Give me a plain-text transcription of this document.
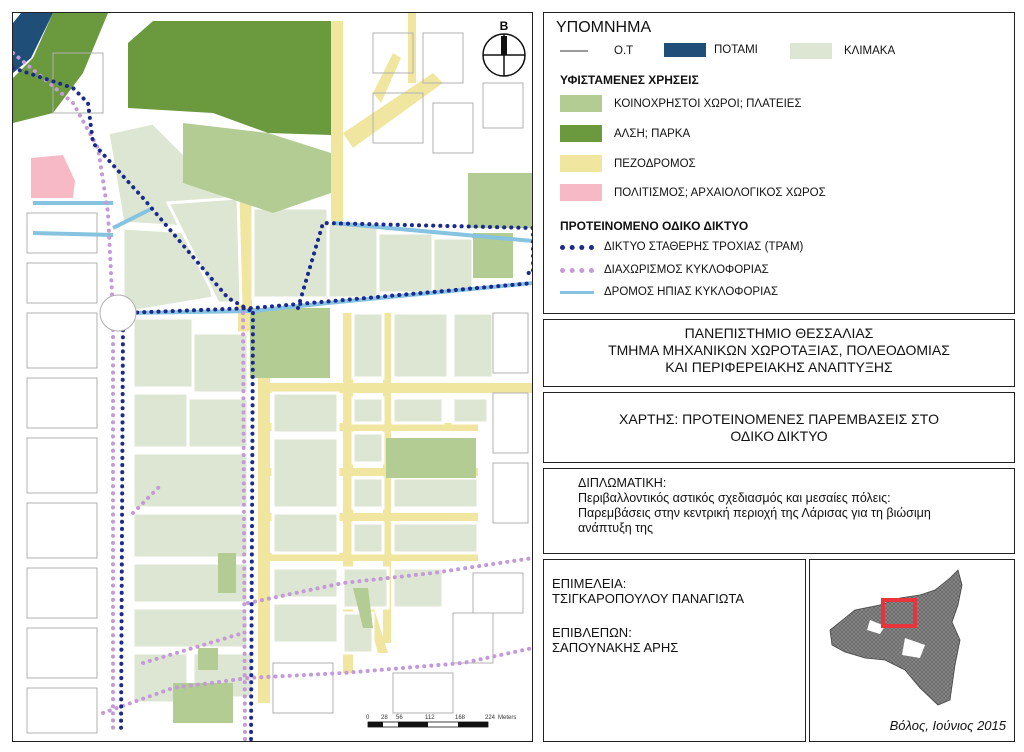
B
0 28 56	112	168	224 Meters
ΥΠΟΜΝΗΜΑ
Ο.Τ	ΠΟΤΑΜΙ	ΚΛΙΜΑΚΑ
ΥΦΙΣΤΑΜΕΝΕΣ ΧΡΗΣΕΙΣ
ΚΟΙΝΟΧΡΗΣΤΟΙ ΧΩΡΟΙ; ΠΛΑΤΕΙΕΣ
ΑΛΣΗ; ΠΑΡΚΑ
ΠΕΖΟΔΡΟΜΟΣ
ΠΟΛΙΤΙΣΜΟΣ; ΑΡΧΑΙΟΛΟΓΙΚΟΣ ΧΩΡΟΣ
ΠΡΟΤΕΙΝΟΜΕΝΟ ΟΔΙΚΟ ΔΙΚΤΥΟ
ΔΙΚΤΥΟ ΣΤΑΘΕΡΗΣ ΤΡΟΧΙΑΣ (ΤΡΑΜ)
ΔΙΑΧΩΡΙΣΜΟΣ ΚΥΚΛΟΦΟΡΙΑΣ
ΔΡΟΜΟΣ ΗΠΙΑΣ ΚΥΚΛΟΦΟΡΙΑΣ
ΠΑΝΕΠΙΣΤΗΜΙΟ ΘΕΣΣΑΛΙΑΣ
ΤΜΗΜΑ ΜΗΧΑΝΙΚΩΝ ΧΩΡΟΤΑΞΙΑΣ, ΠΟΛΕΟΔΟΜΙΑΣ
ΚΑΙ ΠΕΡΙΦΕΡΕΙΑΚΗΣ ΑΝΑΠΤΥΞΗΣ
ΧΑΡΤΗΣ: ΠΡΟΤΕΙΝΟΜΕΝΕΣ ΠΑΡΕΜΒΑΣΕΙΣ ΣΤΟ
ΟΔΙΚΟ ΔΙΚΤΥΟ
ΔΙΠΛΩΜΑΤΙΚΗ:
Περιβαλλοντικός αστικός σχεδιασμός και μεσαίες πόλεις:
Παρεμβάσεις στην κεντρική περιοχή της Λάρισας για τη βιώσιμη
ανάπτυξη της
ΕΠΙΜΕΛΕΙΑ:
ΤΣΙΓΚΑΡΟΠΟΥΛΟΥ ΠΑΝΑΓΙΩΤΑ
ΕΠΙΒΛΕΠΩΝ:
ΣΑΠΟΥΝΑΚΗΣ ΑΡΗΣ
Βόλος, Ιούνιος 2015
